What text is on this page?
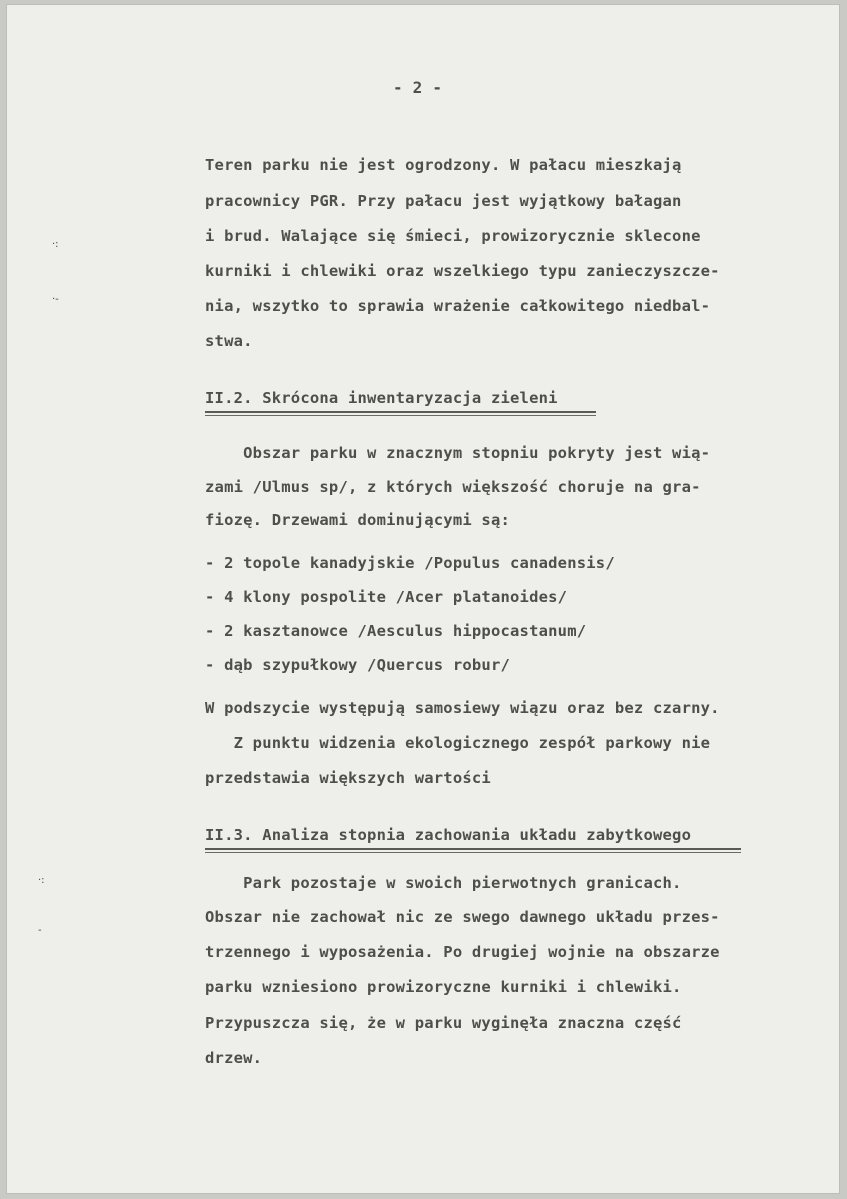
·:
·-
·:
-
- 2 -
Teren parku nie jest ogrodzony. W pałacu mieszkają
pracownicy PGR. Przy pałacu jest wyjątkowy bałagan
i brud. Walające się śmieci, prowizorycznie sklecone
kurniki i chlewiki oraz wszelkiego typu zanieczyszcze-
nia, wszytko to sprawia wrażenie całkowitego niedbal-
stwa.
II.2. Skrócona inwentaryzacja zieleni
Obszar parku w znacznym stopniu pokryty jest wią-
zami /Ulmus sp/, z których większość choruje na gra-
fiozę. Drzewami dominującymi są:
- 2 topole kanadyjskie /Populus canadensis/
- 4 klony pospolite /Acer platanoides/
- 2 kasztanowce /Aesculus hippocastanum/
- dąb szypułkowy /Quercus robur/
W podszycie występują samosiewy wiązu oraz bez czarny.
Z punktu widzenia ekologicznego zespół parkowy nie
przedstawia większych wartości
II.3. Analiza stopnia zachowania układu zabytkowego
Park pozostaje w swoich pierwotnych granicach.
Obszar nie zachował nic ze swego dawnego układu przes-
trzennego i wyposażenia. Po drugiej wojnie na obszarze
parku wzniesiono prowizoryczne kurniki i chlewiki.
Przypuszcza się, że w parku wyginęła znaczna część
drzew.
